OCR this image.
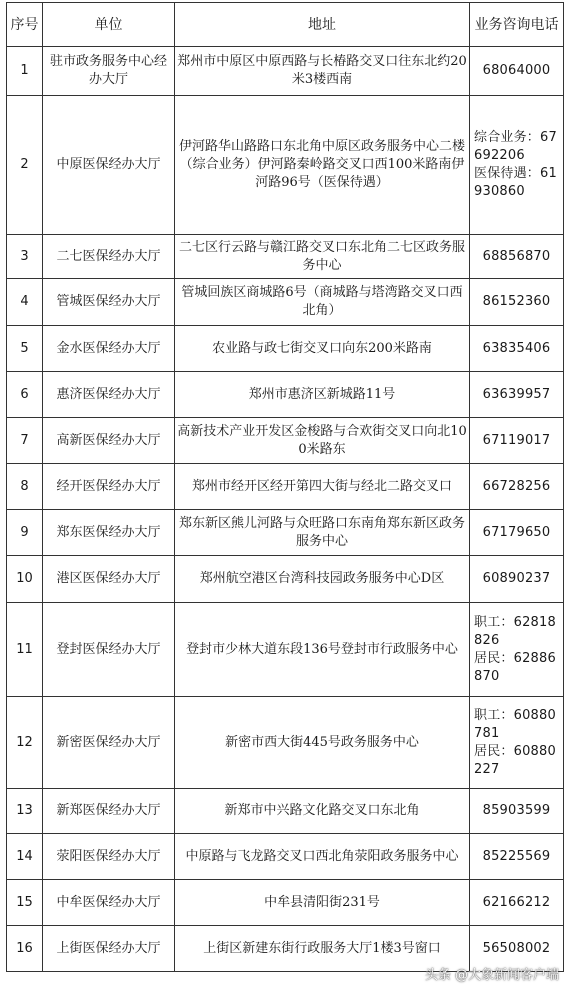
序号	单位	地址	业务咨询电话
1	驻市政务服务中心经办大厅	郑州市中原区中原西路与长椿路交叉口往东北约20米3楼西南	68064000
2	中原医保经办大厅	伊河路华山路路口东北角中原区政务服务中心二楼（综合业务）伊河路秦岭路交叉口西100米路南伊河路96号（医保待遇）	综合业务：67692206
医保待遇：61930860

3	二七医保经办大厅	二七区行云路与赣江路交叉口东北角二七区政务服务中心	68856870
4	管城医保经办大厅	管城回族区商城路6号（商城路与塔湾路交叉口西北角）	86152360
5	金水医保经办大厅	农业路与政七街交叉口向东200米路南	63835406
6	惠济医保经办大厅	郑州市惠济区新城路11号	63639957
7	高新医保经办大厅	高新技术产业开发区金梭路与合欢街交叉口向北100米路东	67119017
8	经开医保经办大厅	郑州市经开区经开第四大街与经北二路交叉口	66728256
9	郑东医保经办大厅	郑东新区熊儿河路与众旺路口东南角郑东新区政务服务中心	67179650
10	港区医保经办大厅	郑州航空港区台湾科技园政务服务中心D区	60890237
11	登封医保经办大厅	登封市少林大道东段136号登封市行政服务中心	职工：62818826
居民：62886870

12	新密医保经办大厅	新密市西大街445号政务服务中心	职工：60880781
居民：60880227

13	新郑医保经办大厅	新郑市中兴路文化路交叉口东北角	85903599
14	荥阳医保经办大厅	中原路与飞龙路交叉口西北角荥阳政务服务中心	85225569
15	中牟医保经办大厅	中牟县清阳街231号	62166212
16	上街医保经办大厅	上街区新建东街行政服务大厅1楼3号窗口	56508002
头条 @大象新闻客户端
